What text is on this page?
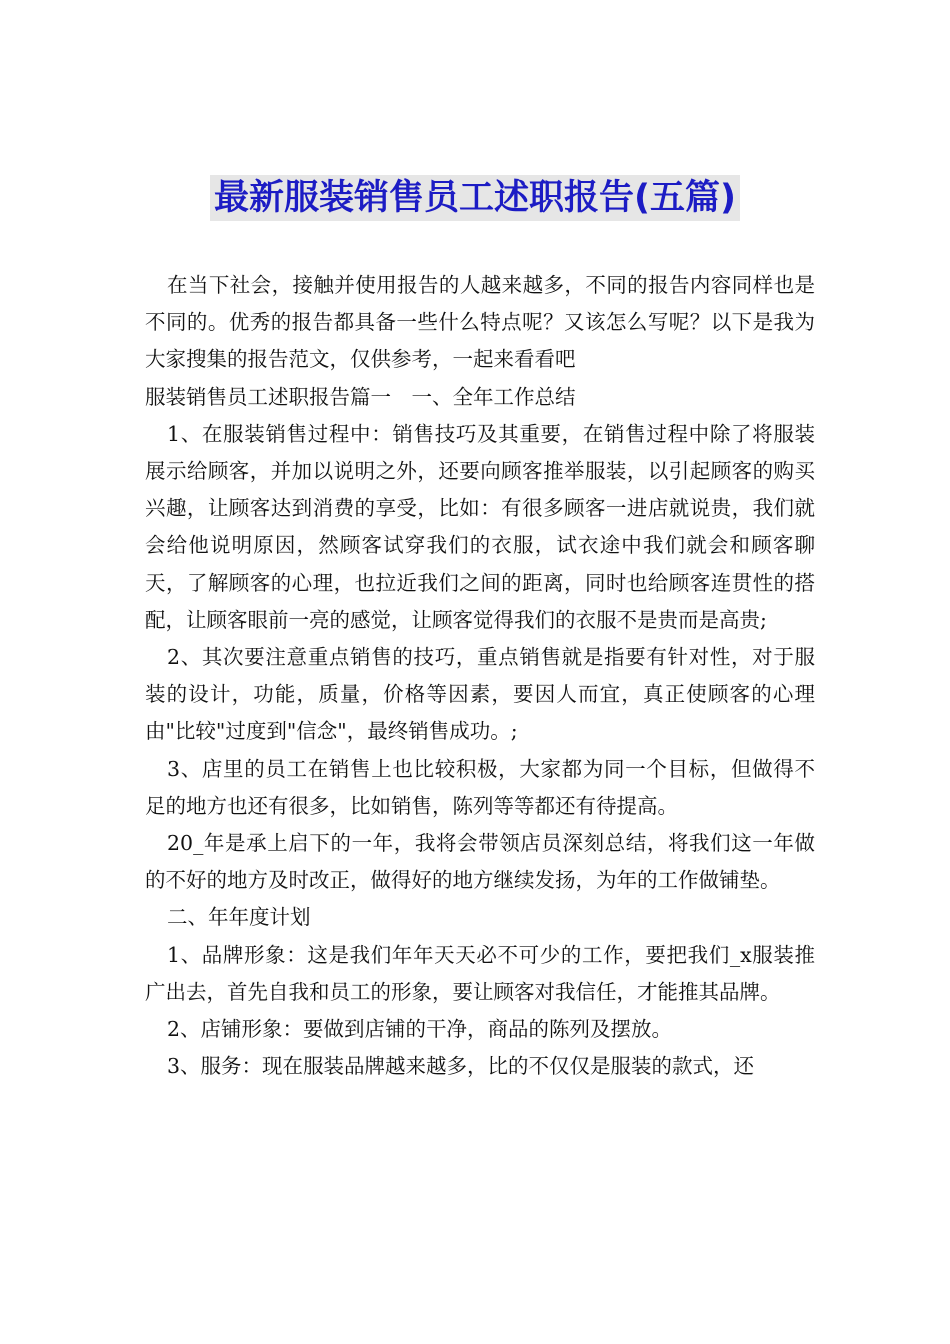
最新服装销售员工述职报告(五篇)

在当下社会，接触并使用报告的人越来越多，不同的报告内容同样也是不同的。优秀的报告都具备一些什么特点呢？又该怎么写呢？以下是我为大家搜集的报告范文，仅供参考，一起来看看吧

服装销售员工述职报告篇一　一、全年工作总结

1、在服装销售过程中：销售技巧及其重要，在销售过程中除了将服装展示给顾客，并加以说明之外，还要向顾客推举服装，以引起顾客的购买兴趣，让顾客达到消费的享受，比如：有很多顾客一进店就说贵，我们就会给他说明原因，然顾客试穿我们的衣服，试衣途中我们就会和顾客聊天，了解顾客的心理，也拉近我们之间的距离，同时也给顾客连贯性的搭配，让顾客眼前一亮的感觉，让顾客觉得我们的衣服不是贵而是高贵;

2、其次要注意重点销售的技巧，重点销售就是指要有针对性，对于服装的设计，功能，质量，价格等因素，要因人而宜，真正使顾客的心理由"比较"过度到"信念"，最终销售成功。;

3、店里的员工在销售上也比较积极，大家都为同一个目标，但做得不足的地方也还有很多，比如销售，陈列等等都还有待提高。

20_年是承上启下的一年，我将会带领店员深刻总结，将我们这一年做的不好的地方及时改正，做得好的地方继续发扬，为年的工作做铺垫。

二、年年度计划

1、品牌形象：这是我们年年天天必不可少的工作，要把我们_x服装推广出去，首先自我和员工的形象，要让顾客对我信任，才能推其品牌。

2、店铺形象：要做到店铺的干净，商品的陈列及摆放。

3、服务：现在服装品牌越来越多，比的不仅仅是服装的款式，还
